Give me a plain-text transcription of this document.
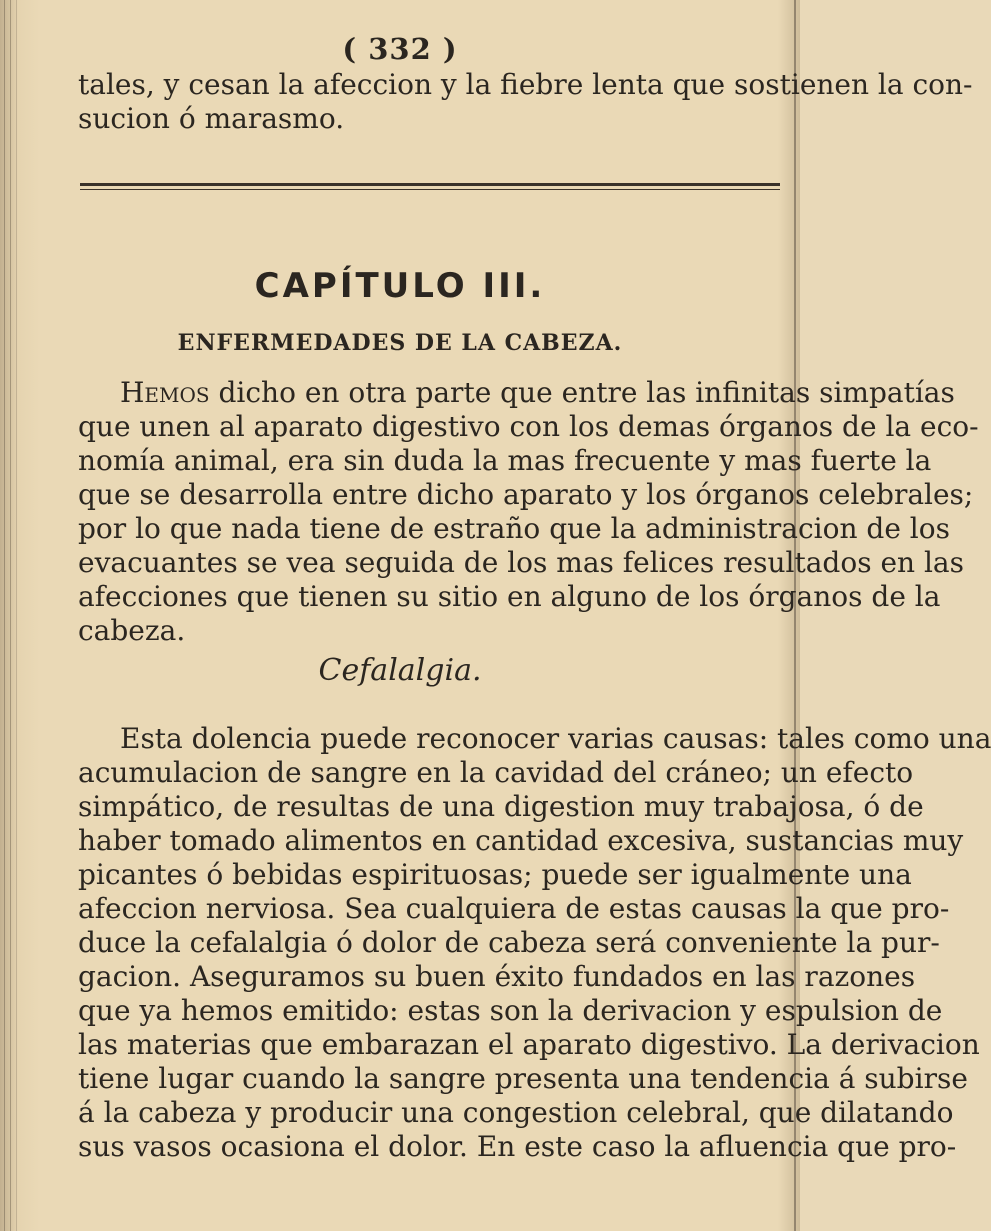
( 332 )
tales, y cesan la afeccion y la fiebre lenta que sostienen la con-
sucion ó marasmo.
CAPÍTULO III.
ENFERMEDADES DE LA CABEZA.
Hemos dicho en otra parte que entre las infinitas simpatías
que unen al aparato digestivo con los demas órganos de la eco-
nomía animal, era sin duda la mas frecuente y mas fuerte la
que se desarrolla entre dicho aparato y los órganos celebrales;
por lo que nada tiene de estraño que la administracion de los
evacuantes se vea seguida de los mas felices resultados en las
afecciones que tienen su sitio en alguno de los órganos de la
cabeza.
Cefalalgia.
Esta dolencia puede reconocer varias causas: tales como una
acumulacion de sangre en la cavidad del cráneo; un efecto
simpático, de resultas de una digestion muy trabajosa, ó de
haber tomado alimentos en cantidad excesiva, sustancias muy
picantes ó bebidas espirituosas; puede ser igualmente una
afeccion nerviosa. Sea cualquiera de estas causas la que pro-
duce la cefalalgia ó dolor de cabeza será conveniente la pur-
gacion. Aseguramos su buen éxito fundados en las razones
que ya hemos emitido: estas son la derivacion y espulsion de
las materias que embarazan el aparato digestivo. La derivacion
tiene lugar cuando la sangre presenta una tendencia á subirse
á la cabeza y producir una congestion celebral, que dilatando
sus vasos ocasiona el dolor. En este caso la afluencia que pro-
